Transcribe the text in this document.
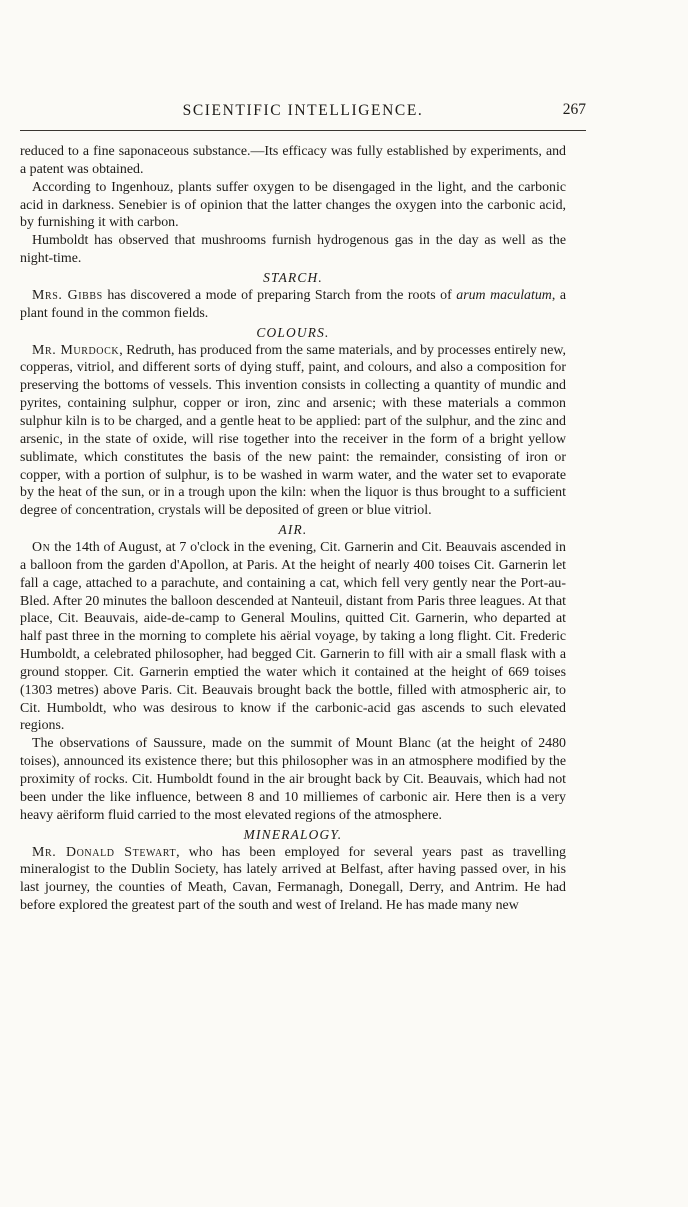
SCIENTIFIC INTELLIGENCE.	267

reduced to a fine saponaceous substance.—Its efficacy was fully established by experiments, and a patent was obtained.

According to Ingenhouz, plants suffer oxygen to be disengaged in the light, and the carbonic acid in darkness. Senebier is of opinion that the latter changes the oxygen into the carbonic acid, by furnishing it with carbon.

Humboldt has observed that mushrooms furnish hydrogenous gas in the day as well as the night-time.

STARCH.

Mrs. Gibbs has discovered a mode of preparing Starch from the roots of arum maculatum, a plant found in the common fields.

COLOURS.

Mr. Murdock, Redruth, has produced from the same materials, and by processes entirely new, copperas, vitriol, and different sorts of dying stuff, paint, and colours, and also a composition for preserving the bottoms of vessels. This invention consists in collecting a quantity of mundic and pyrites, containing sulphur, copper or iron, zinc and arsenic; with these materials a common sulphur kiln is to be charged, and a gentle heat to be applied: part of the sulphur, and the zinc and arsenic, in the state of oxide, will rise together into the receiver in the form of a bright yellow sublimate, which constitutes the basis of the new paint: the remainder, consisting of iron or copper, with a portion of sulphur, is to be washed in warm water, and the water set to evaporate by the heat of the sun, or in a trough upon the kiln: when the liquor is thus brought to a sufficient degree of concentration, crystals will be deposited of green or blue vitriol.

AIR.

On the 14th of August, at 7 o'clock in the evening, Cit. Garnerin and Cit. Beauvais ascended in a balloon from the garden d'Apollon, at Paris. At the height of nearly 400 toises Cit. Garnerin let fall a cage, attached to a parachute, and containing a cat, which fell very gently near the Port-au-Bled. After 20 minutes the balloon descended at Nanteuil, distant from Paris three leagues. At that place, Cit. Beauvais, aide-de-camp to General Moulins, quitted Cit. Garnerin, who departed at half past three in the morning to complete his aërial voyage, by taking a long flight. Cit. Frederic Humboldt, a celebrated philosopher, had begged Cit. Garnerin to fill with air a small flask with a ground stopper. Cit. Garnerin emptied the water which it contained at the height of 669 toises (1303 metres) above Paris. Cit. Beauvais brought back the bottle, filled with atmospheric air, to Cit. Humboldt, who was desirous to know if the carbonic-acid gas ascends to such elevated regions.

The observations of Saussure, made on the summit of Mount Blanc (at the height of 2480 toises), announced its existence there; but this philosopher was in an atmosphere modified by the proximity of rocks. Cit. Humboldt found in the air brought back by Cit. Beauvais, which had not been under the like influence, between 8 and 10 milliemes of carbonic air. Here then is a very heavy aëriform fluid carried to the most elevated regions of the atmosphere.

MINERALOGY.

Mr. Donald Stewart, who has been employed for several years past as travelling mineralogist to the Dublin Society, has lately arrived at Belfast, after having passed over, in his last journey, the counties of Meath, Cavan, Fermanagh, Donegall, Derry, and Antrim. He had before explored the greatest part of the south and west of Ireland. He has made many new
